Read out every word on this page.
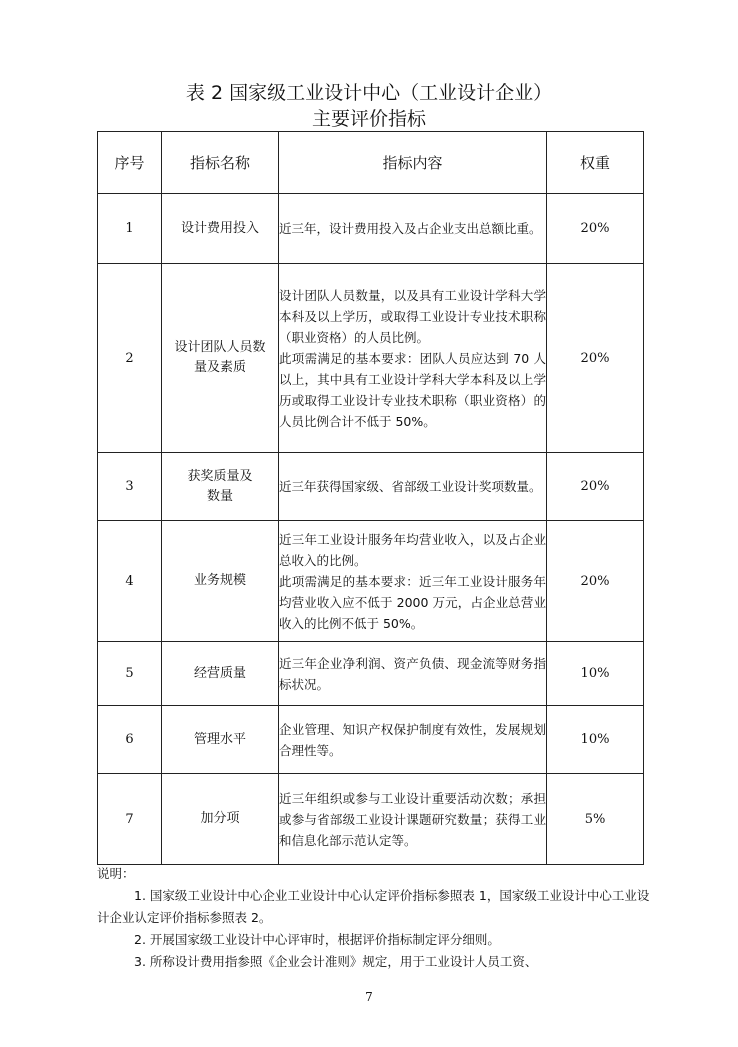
表 2 国家级工业设计中心（工业设计企业）
主要评价指标
序号	指标名称	指标内容	权重
1	设计费用投入	近三年，设计费用投入及占企业支出总额比重。	20%
2	设计团队人员数量及素质	设计团队人员数量，以及具有工业设计学科大学本科及以上学历，或取得工业设计专业技术职称（职业资格）的人员比例。
此项需满足的基本要求：团队人员应达到 70 人以上，其中具有工业设计学科大学本科及以上学历或取得工业设计专业技术职称（职业资格）的人员比例合计不低于 50%。	20%
3	获奖质量及数量	近三年获得国家级、省部级工业设计奖项数量。	20%
4	业务规模	近三年工业设计服务年均营业收入，以及占企业总收入的比例。
此项需满足的基本要求：近三年工业设计服务年均营业收入应不低于 2000 万元，占企业总营业收入的比例不低于 50%。	20%
5	经营质量	近三年企业净利润、资产负债、现金流等财务指标状况。	10%
6	管理水平	企业管理、知识产权保护制度有效性，发展规划合理性等。	10%
7	加分项	近三年组织或参与工业设计重要活动次数；承担或参与省部级工业设计课题研究数量；获得工业和信息化部示范认定等。	5%
说明：
1. 国家级工业设计中心企业工业设计中心认定评价指标参照表 1，国家级工业设计中心工业设计企业认定评价指标参照表 2。
2. 开展国家级工业设计中心评审时，根据评价指标制定评分细则。
3. 所称设计费用指参照《企业会计准则》规定，用于工业设计人员工资、
7
